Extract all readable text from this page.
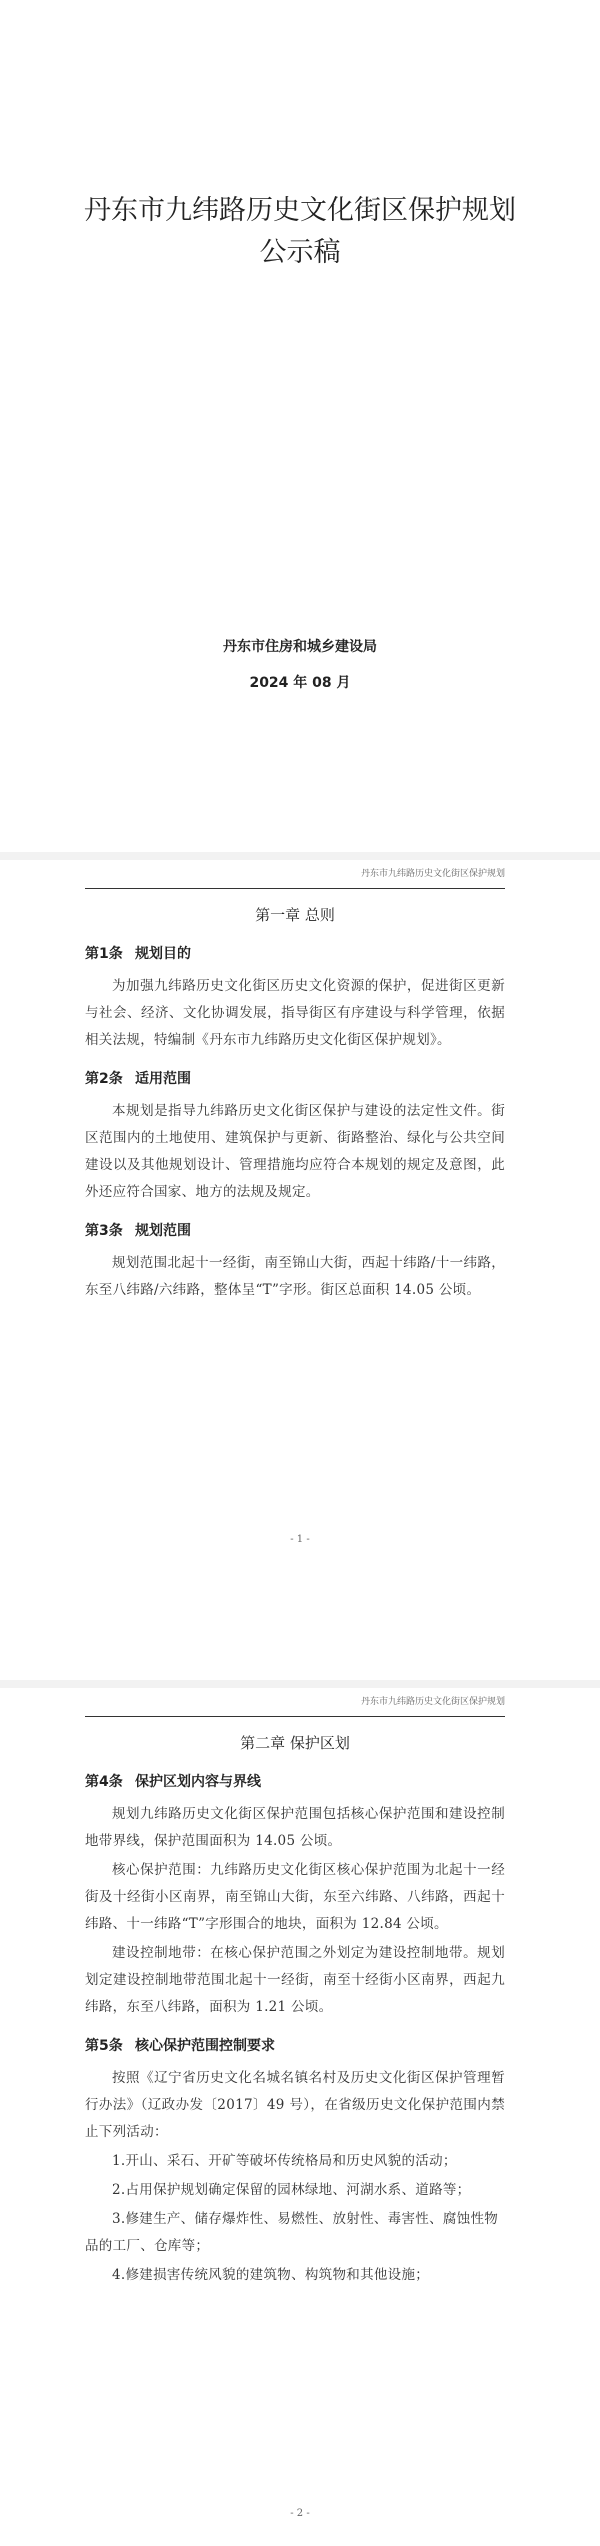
丹东市九纬路历史文化街区保护规划
公示稿
丹东市住房和城乡建设局
2024 年 08 月
丹东市九纬路历史文化街区保护规划
第一章 总则
第1条 规划目的

为加强九纬路历史文化街区历史文化资源的保护，促进街区更新与社会、经济、文化协调发展，指导街区有序建设与科学管理，依据相关法规，特编制《丹东市九纬路历史文化街区保护规划》。

第2条 适用范围

本规划是指导九纬路历史文化街区保护与建设的法定性文件。街区范围内的土地使用、建筑保护与更新、街路整治、绿化与公共空间建设以及其他规划设计、管理措施均应符合本规划的规定及意图，此外还应符合国家、地方的法规及规定。

第3条 规划范围

规划范围北起十一经街，南至锦山大街，西起十纬路/十一纬路，东至八纬路/六纬路，整体呈“T”字形。街区总面积 14.05 公顷。

- 1 -
丹东市九纬路历史文化街区保护规划
第二章 保护区划
第4条 保护区划内容与界线

规划九纬路历史文化街区保护范围包括核心保护范围和建设控制地带界线，保护范围面积为 14.05 公顷。

核心保护范围：九纬路历史文化街区核心保护范围为北起十一经街及十经街小区南界，南至锦山大街，东至六纬路、八纬路，西起十纬路、十一纬路“T”字形围合的地块，面积为 12.84 公顷。

建设控制地带：在核心保护范围之外划定为建设控制地带。规划划定建设控制地带范围北起十一经街，南至十经街小区南界，西起九纬路，东至八纬路，面积为 1.21 公顷。

第5条 核心保护范围控制要求

按照《辽宁省历史文化名城名镇名村及历史文化街区保护管理暂行办法》（辽政办发〔2017〕49 号），在省级历史文化保护范围内禁止下列活动：

1.开山、采石、开矿等破坏传统格局和历史风貌的活动；

2.占用保护规划确定保留的园林绿地、河湖水系、道路等；

3.修建生产、储存爆炸性、易燃性、放射性、毒害性、腐蚀性物品的工厂、仓库等；

4.修建损害传统风貌的建筑物、构筑物和其他设施；

- 2 -
